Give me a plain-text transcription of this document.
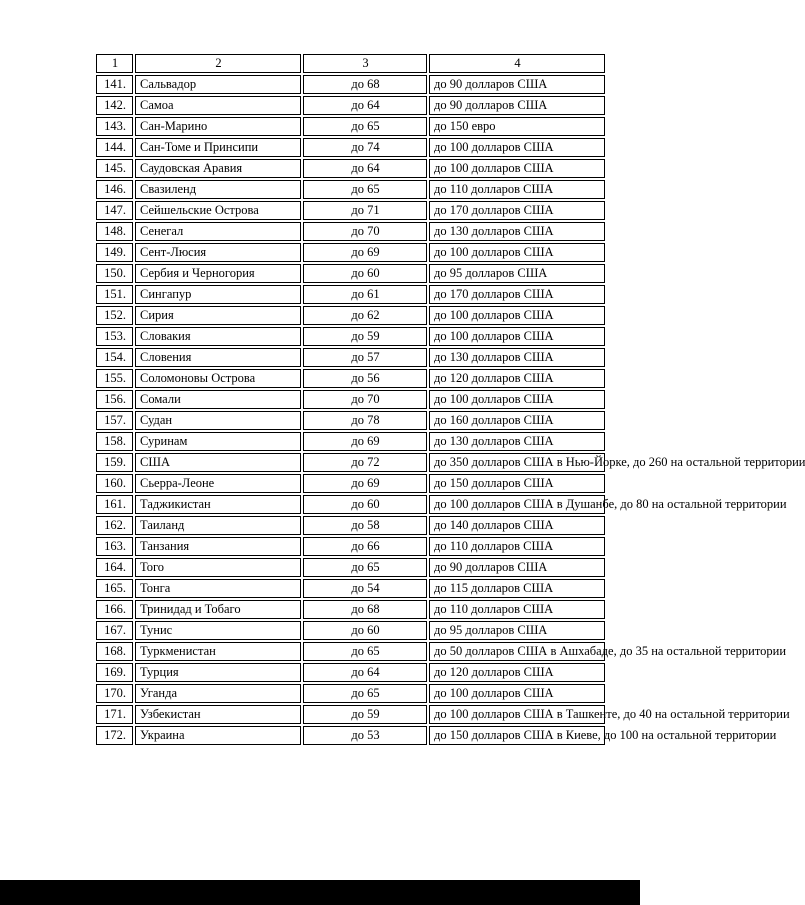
1	2	3	4
141.	Сальвадор	до 68	до 90 долларов США
142.	Самоа	до 64	до 90 долларов США
143.	Сан-Марино	до 65	до 150 евро
144.	Сан-Томе и Принсипи	до 74	до 100 долларов США
145.	Саудовская Аравия	до 64	до 100 долларов США
146.	Свазиленд	до 65	до 110 долларов США
147.	Сейшельские Острова	до 71	до 170 долларов США
148.	Сенегал	до 70	до 130 долларов США
149.	Сент-Люсия	до 69	до 100 долларов США
150.	Сербия и Черногория	до 60	до 95 долларов США
151.	Сингапур	до 61	до 170 долларов США
152.	Сирия	до 62	до 100 долларов США
153.	Словакия	до 59	до 100 долларов США
154.	Словения	до 57	до 130 долларов США
155.	Соломоновы Острова	до 56	до 120 долларов США
156.	Сомали	до 70	до 100 долларов США
157.	Судан	до 78	до 160 долларов США
158.	Суринам	до 69	до 130 долларов США
159.	США	до 72	до 350 долларов США в Нью-Йорке, до 260 на остальной территории
160.	Сьерра-Леоне	до 69	до 150 долларов США
161.	Таджикистан	до 60	до 100 долларов США в Душанбе, до 80 на остальной территории
162.	Таиланд	до 58	до 140 долларов США
163.	Танзания	до 66	до 110 долларов США
164.	Того	до 65	до 90 долларов США
165.	Тонга	до 54	до 115 долларов США
166.	Тринидад и Тобаго	до 68	до 110 долларов США
167.	Тунис	до 60	до 95 долларов США
168.	Туркменистан	до 65	до 50 долларов США в Ашхабаде, до 35 на остальной территории
169.	Турция	до 64	до 120 долларов США
170.	Уганда	до 65	до 100 долларов США
171.	Узбекистан	до 59	до 100 долларов США в Ташкенте, до 40 на остальной территории
172.	Украина	до 53	до 150 долларов США в Киеве, до 100 на остальной территории
